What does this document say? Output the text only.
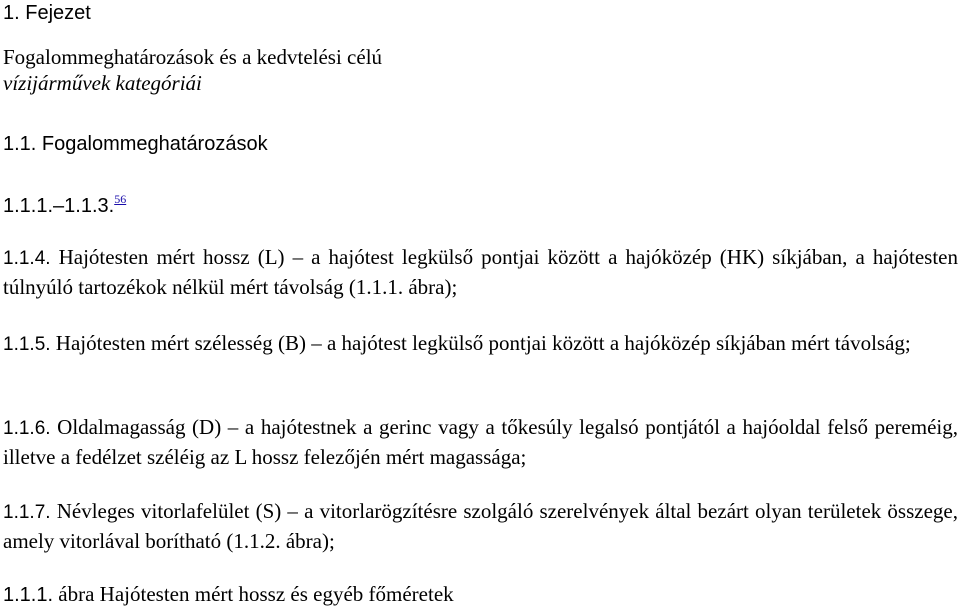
1. Fejezet
Fogalommeghatározások és a kedvtelési célú
vízijárművek kategóriái
1.1. Fogalommeghatározások
1.1.1.–1.1.3.56
1.1.4. Hajótesten mért hossz (L) – a hajótest legkülső pontjai között a hajóközép (HK) síkjában, a hajótesten túlnyúló tartozékok nélkül mért távolság (1.1.1. ábra);
1.1.5. Hajótesten mért szélesség (B) – a hajótest legkülső pontjai között a hajóközép síkjában mért távolság;
1.1.6. Oldalmagasság (D) – a hajótestnek a gerinc vagy a tőkesúly legalsó pontjától a hajóoldal felső pereméig, illetve a fedélzet széléig az L hossz felezőjén mért magassága;
1.1.7. Névleges vitorlafelület (S) – a vitorlarögzítésre szolgáló szerelvények által bezárt olyan területek összege, amely vitorlával borítható (1.1.2. ábra);
1.1.1. ábra Hajótesten mért hossz és egyéb főméretek
